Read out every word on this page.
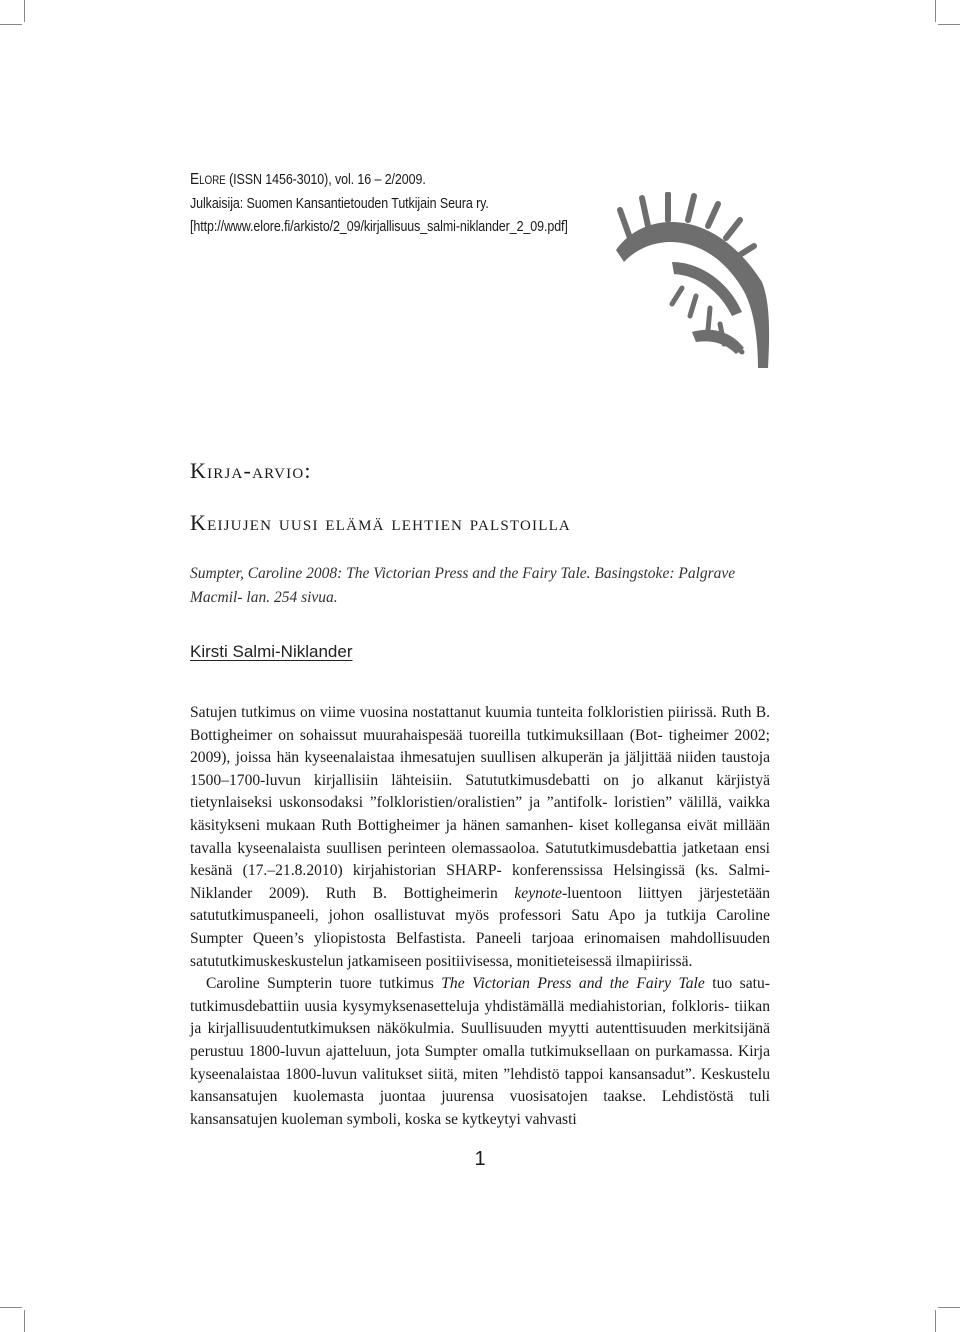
ELORE (ISSN 1456-3010), vol. 16 – 2/2009.
Julkaisija: Suomen Kansantietouden Tutkijain Seura ry.
[http://www.elore.fi/arkisto/2_09/kirjallisuus_salmi-niklander_2_09.pdf]
Kirja-arvio:
Keijujen uusi elämä lehtien palstoilla
Sumpter, Caroline 2008: The Victorian Press and the Fairy Tale. Basingstoke: Palgrave Macmil- lan. 254 sivua.
Kirsti Salmi-Niklander

Satujen tutkimus on viime vuosina nostattanut kuumia tunteita folkloristien piirissä. Ruth B. Bottigheimer on sohaissut muurahaispesää tuoreilla tutkimuksillaan (Bot- tigheimer 2002; 2009), joissa hän kyseenalaistaa ihmesatujen suullisen alkuperän ja jäljittää niiden taustoja 1500–1700-luvun kirjallisiin lähteisiin. Satututkimusdebatti on jo alkanut kärjistyä tietynlaiseksi uskonsodaksi ”folkloristien/oralistien” ja ”antifolk- loristien” välillä, vaikka käsitykseni mukaan Ruth Bottigheimer ja hänen samanhen- kiset kollegansa eivät millään tavalla kyseenalaista suullisen perinteen olemassaoloa. Satututkimusdebattia jatketaan ensi kesänä (17.–21.8.2010) kirjahistorian SHARP- konferenssissa Helsingissä (ks. Salmi-Niklander 2009). Ruth B. Bottigheimerin keynote-luentoon liittyen järjestetään satututkimuspaneeli, johon osallistuvat myös professori Satu Apo ja tutkija Caroline Sumpter Queen’s yliopistosta Belfastista. Paneeli tarjoaa erinomaisen mahdollisuuden satututkimuskeskustelun jatkamiseen positiivisessa, monitieteisessä ilmapiirissä.

Caroline Sumpterin tuore tutkimus The Victorian Press and the Fairy Tale tuo satu- tutkimusdebattiin uusia kysymyksenasetteluja yhdistämällä mediahistorian, folkloris- tiikan ja kirjallisuudentutkimuksen näkökulmia. Suullisuuden myytti autenttisuuden merkitsijänä perustuu 1800-luvun ajatteluun, jota Sumpter omalla tutkimuksellaan on purkamassa. Kirja kyseenalaistaa 1800-luvun valitukset siitä, miten ”lehdistö tappoi kansansadut”. Keskustelu kansansatujen kuolemasta juontaa juurensa vuosisatojen taakse. Lehdistöstä tuli kansansatujen kuoleman symboli, koska se kytkeytyi vahvasti

1
